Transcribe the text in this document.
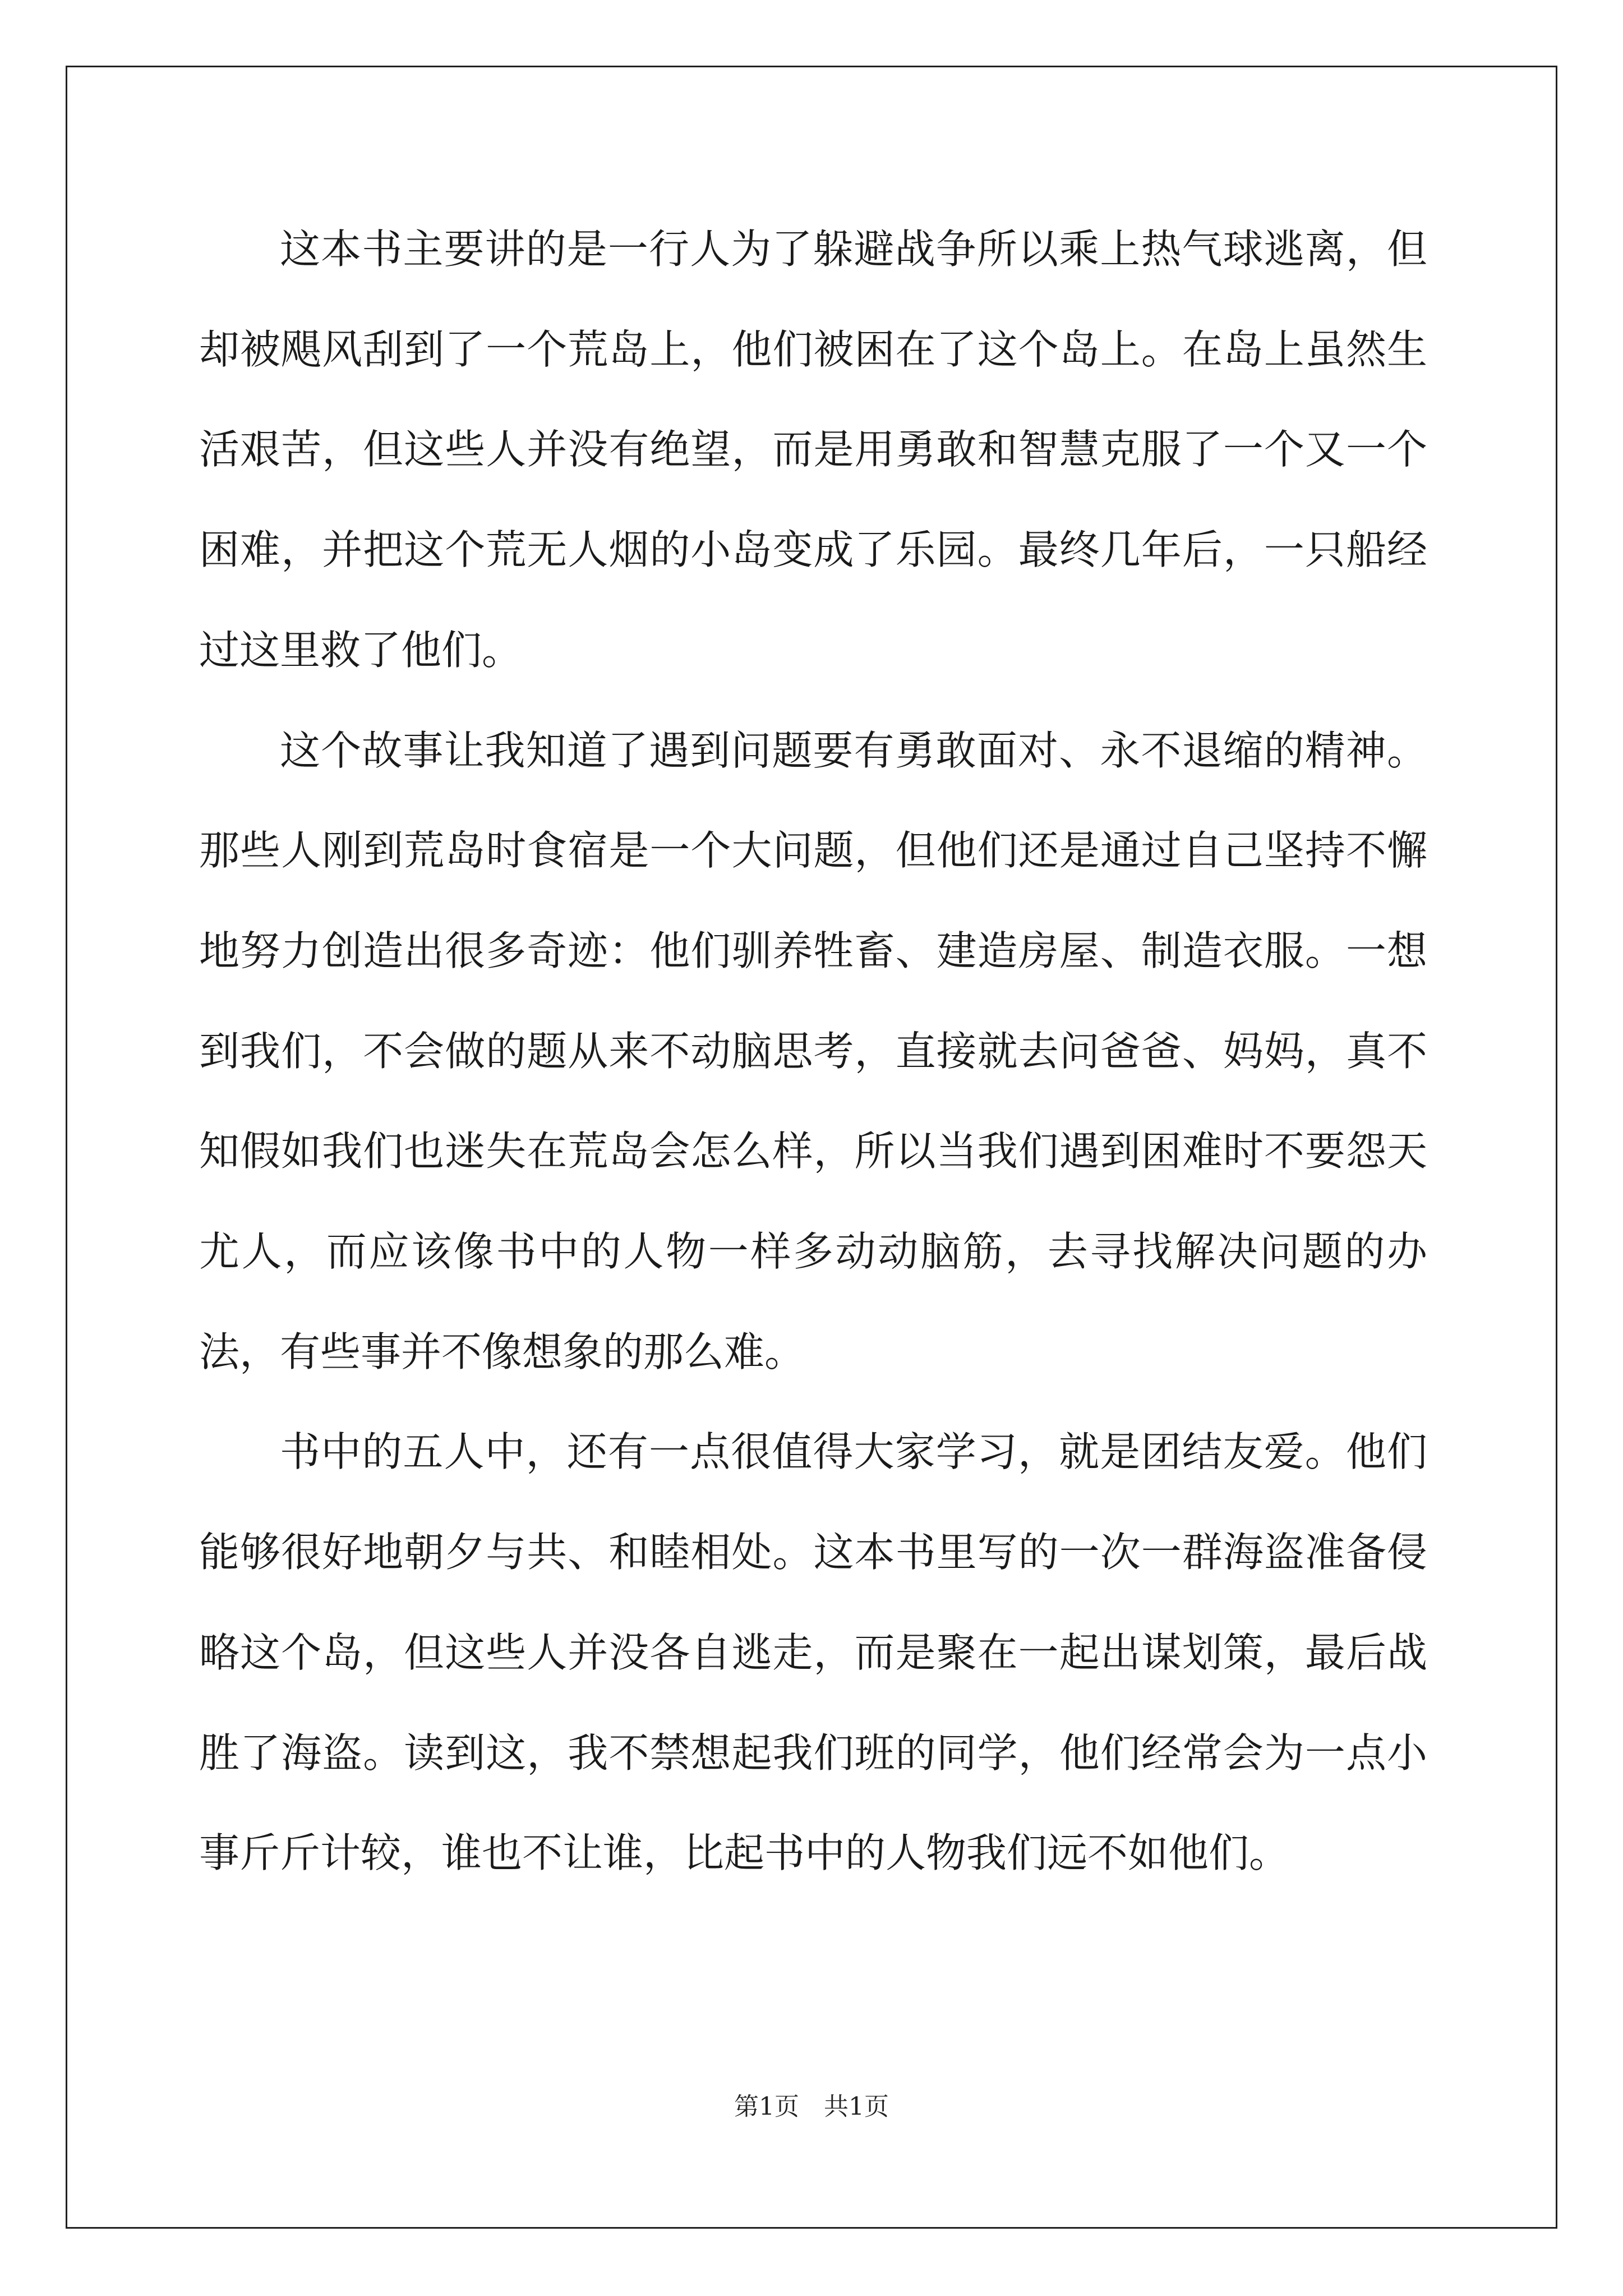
这本书主要讲的是一行人为了躲避战争所以乘上热气球逃离，但却被飓风刮到了一个荒岛上，他们被困在了这个岛上。在岛上虽然生活艰苦，但这些人并没有绝望，而是用勇敢和智慧克服了一个又一个困难，并把这个荒无人烟的小岛变成了乐园。最终几年后，一只船经过这里救了他们。

这个故事让我知道了遇到问题要有勇敢面对、永不退缩的精神。那些人刚到荒岛时食宿是一个大问题，但他们还是通过自己坚持不懈地努力创造出很多奇迹：他们驯养牲畜、建造房屋、制造衣服。一想到我们，不会做的题从来不动脑思考，直接就去问爸爸、妈妈，真不知假如我们也迷失在荒岛会怎么样，所以当我们遇到困难时不要怨天尤人，而应该像书中的人物一样多动动脑筋，去寻找解决问题的办法，有些事并不像想象的那么难。

书中的五人中，还有一点很值得大家学习，就是团结友爱。他们能够很好地朝夕与共、和睦相处。这本书里写的一次一群海盗准备侵略这个岛，但这些人并没各自逃走，而是聚在一起出谋划策，最后战胜了海盗。读到这，我不禁想起我们班的同学，他们经常会为一点小事斤斤计较，谁也不让谁，比起书中的人物我们远不如他们。

第1页　共1页
